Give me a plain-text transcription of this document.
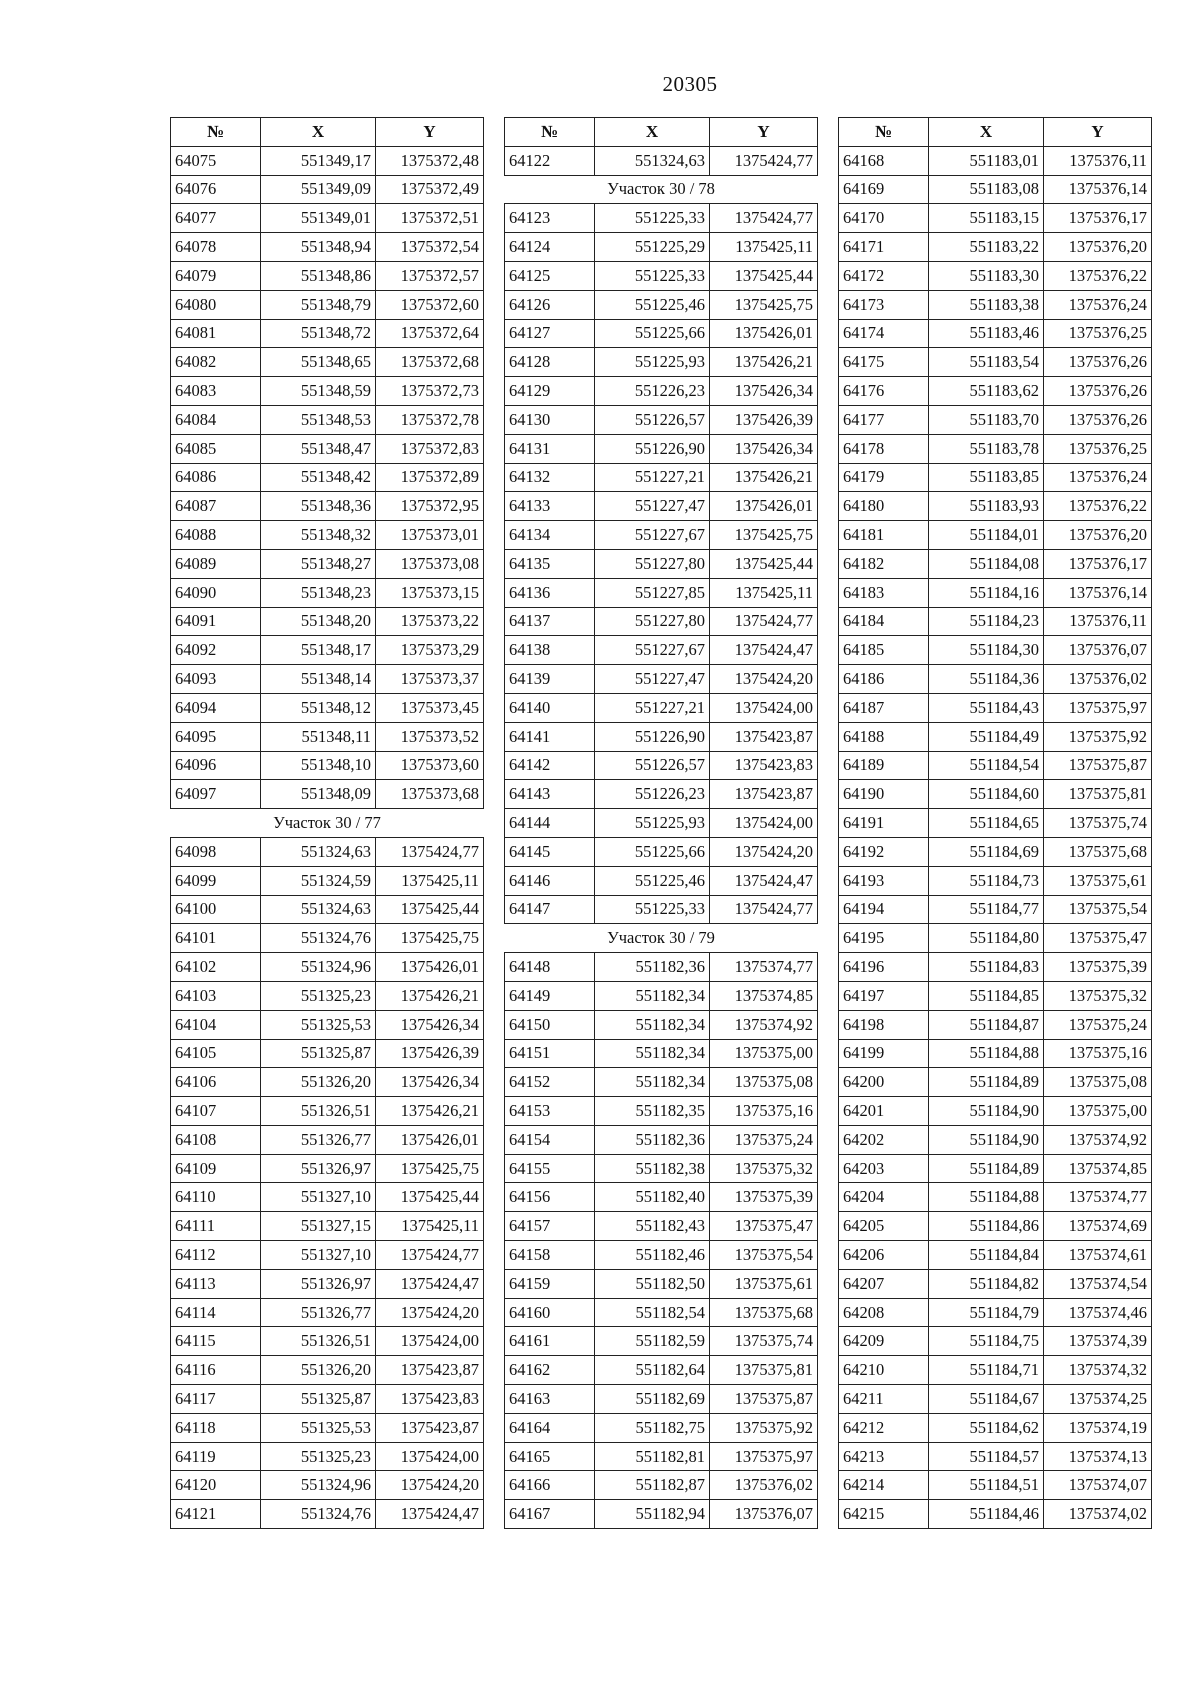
20305
№	X	Y
64075	551349,17	1375372,48
64076	551349,09	1375372,49
64077	551349,01	1375372,51
64078	551348,94	1375372,54
64079	551348,86	1375372,57
64080	551348,79	1375372,60
64081	551348,72	1375372,64
64082	551348,65	1375372,68
64083	551348,59	1375372,73
64084	551348,53	1375372,78
64085	551348,47	1375372,83
64086	551348,42	1375372,89
64087	551348,36	1375372,95
64088	551348,32	1375373,01
64089	551348,27	1375373,08
64090	551348,23	1375373,15
64091	551348,20	1375373,22
64092	551348,17	1375373,29
64093	551348,14	1375373,37
64094	551348,12	1375373,45
64095	551348,11	1375373,52
64096	551348,10	1375373,60
64097	551348,09	1375373,68
Участок 30 / 77		
64098	551324,63	1375424,77
64099	551324,59	1375425,11
64100	551324,63	1375425,44
64101	551324,76	1375425,75
64102	551324,96	1375426,01
64103	551325,23	1375426,21
64104	551325,53	1375426,34
64105	551325,87	1375426,39
64106	551326,20	1375426,34
64107	551326,51	1375426,21
64108	551326,77	1375426,01
64109	551326,97	1375425,75
64110	551327,10	1375425,44
64111	551327,15	1375425,11
64112	551327,10	1375424,77
64113	551326,97	1375424,47
64114	551326,77	1375424,20
64115	551326,51	1375424,00
64116	551326,20	1375423,87
64117	551325,87	1375423,83
64118	551325,53	1375423,87
64119	551325,23	1375424,00
64120	551324,96	1375424,20
64121	551324,76	1375424,47
№	X	Y
64122	551324,63	1375424,77
Участок 30 / 78		
64123	551225,33	1375424,77
64124	551225,29	1375425,11
64125	551225,33	1375425,44
64126	551225,46	1375425,75
64127	551225,66	1375426,01
64128	551225,93	1375426,21
64129	551226,23	1375426,34
64130	551226,57	1375426,39
64131	551226,90	1375426,34
64132	551227,21	1375426,21
64133	551227,47	1375426,01
64134	551227,67	1375425,75
64135	551227,80	1375425,44
64136	551227,85	1375425,11
64137	551227,80	1375424,77
64138	551227,67	1375424,47
64139	551227,47	1375424,20
64140	551227,21	1375424,00
64141	551226,90	1375423,87
64142	551226,57	1375423,83
64143	551226,23	1375423,87
64144	551225,93	1375424,00
64145	551225,66	1375424,20
64146	551225,46	1375424,47
64147	551225,33	1375424,77
Участок 30 / 79		
64148	551182,36	1375374,77
64149	551182,34	1375374,85
64150	551182,34	1375374,92
64151	551182,34	1375375,00
64152	551182,34	1375375,08
64153	551182,35	1375375,16
64154	551182,36	1375375,24
64155	551182,38	1375375,32
64156	551182,40	1375375,39
64157	551182,43	1375375,47
64158	551182,46	1375375,54
64159	551182,50	1375375,61
64160	551182,54	1375375,68
64161	551182,59	1375375,74
64162	551182,64	1375375,81
64163	551182,69	1375375,87
64164	551182,75	1375375,92
64165	551182,81	1375375,97
64166	551182,87	1375376,02
64167	551182,94	1375376,07
№	X	Y
64168	551183,01	1375376,11
64169	551183,08	1375376,14
64170	551183,15	1375376,17
64171	551183,22	1375376,20
64172	551183,30	1375376,22
64173	551183,38	1375376,24
64174	551183,46	1375376,25
64175	551183,54	1375376,26
64176	551183,62	1375376,26
64177	551183,70	1375376,26
64178	551183,78	1375376,25
64179	551183,85	1375376,24
64180	551183,93	1375376,22
64181	551184,01	1375376,20
64182	551184,08	1375376,17
64183	551184,16	1375376,14
64184	551184,23	1375376,11
64185	551184,30	1375376,07
64186	551184,36	1375376,02
64187	551184,43	1375375,97
64188	551184,49	1375375,92
64189	551184,54	1375375,87
64190	551184,60	1375375,81
64191	551184,65	1375375,74
64192	551184,69	1375375,68
64193	551184,73	1375375,61
64194	551184,77	1375375,54
64195	551184,80	1375375,47
64196	551184,83	1375375,39
64197	551184,85	1375375,32
64198	551184,87	1375375,24
64199	551184,88	1375375,16
64200	551184,89	1375375,08
64201	551184,90	1375375,00
64202	551184,90	1375374,92
64203	551184,89	1375374,85
64204	551184,88	1375374,77
64205	551184,86	1375374,69
64206	551184,84	1375374,61
64207	551184,82	1375374,54
64208	551184,79	1375374,46
64209	551184,75	1375374,39
64210	551184,71	1375374,32
64211	551184,67	1375374,25
64212	551184,62	1375374,19
64213	551184,57	1375374,13
64214	551184,51	1375374,07
64215	551184,46	1375374,02
